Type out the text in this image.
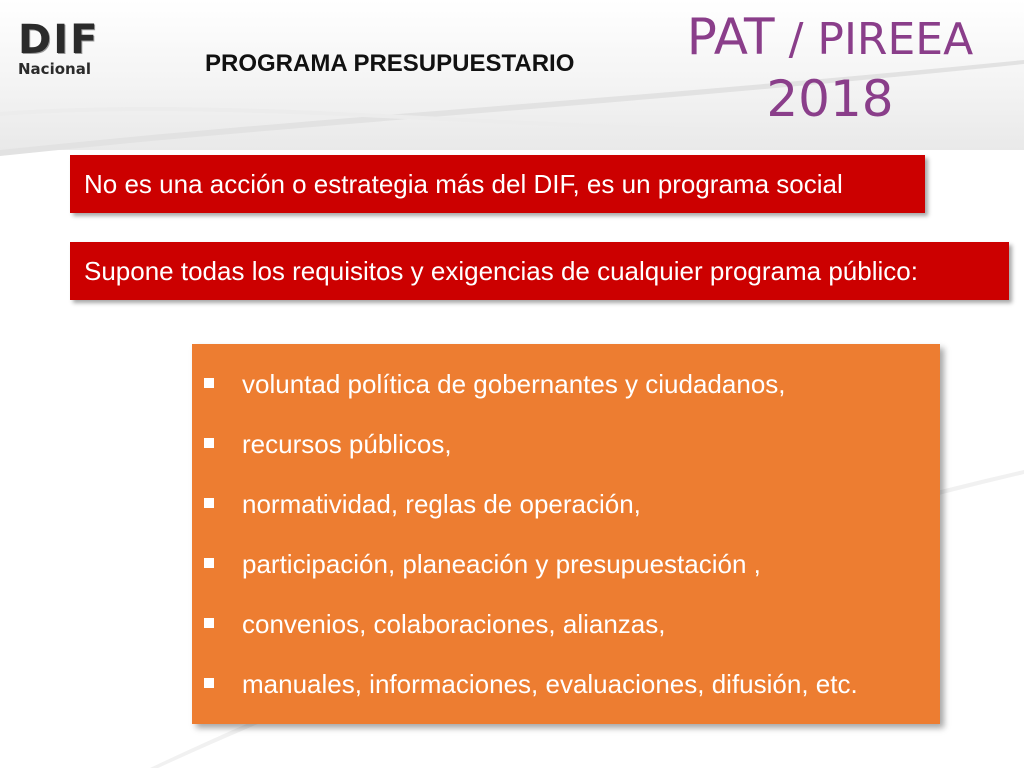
DIF
Nacional	PROGRAMA PRESUPUESTARIO	PAT / PIREEA
2018
No es una acción o estrategia más del DIF, es un programa social
Supone todas los requisitos y exigencias de cualquier programa público:
voluntad política de gobernantes y ciudadanos,
recursos públicos,
normatividad, reglas de operación,
participación, planeación y presupuestación ,
convenios, colaboraciones, alianzas,
manuales, informaciones, evaluaciones, difusión, etc.
